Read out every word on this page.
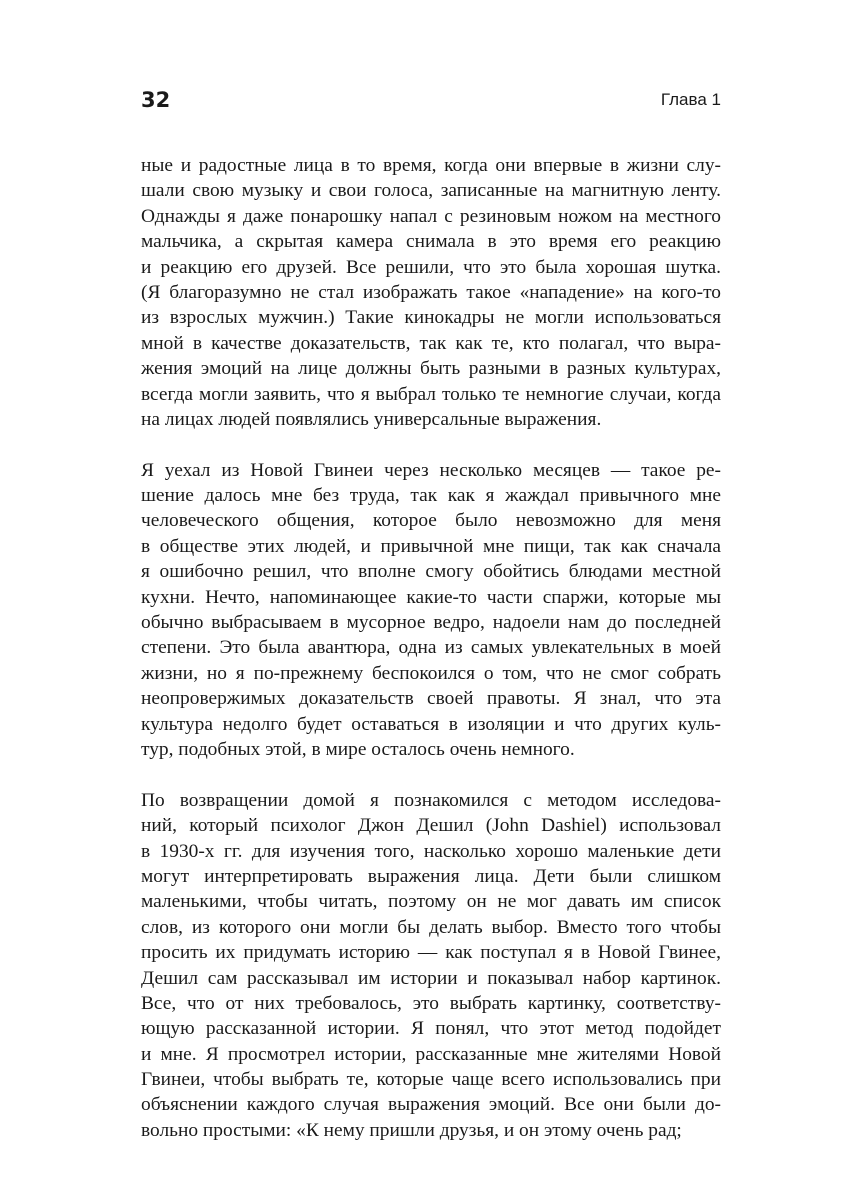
32	Глава 1
ные и радостные лица в то время, когда они впервые в жизни слу-
шали свою музыку и свои голоса, записанные на магнитную ленту.
Однажды я даже понарошку напал с резиновым ножом на местного
мальчика, а скрытая камера снимала в это время его реакцию
и реакцию его друзей. Все решили, что это была хорошая шутка.
(Я благоразумно не стал изображать такое «нападение» на кого-то
из взрослых мужчин.) Такие кинокадры не могли использоваться
мной в качестве доказательств, так как те, кто полагал, что выра-
жения эмоций на лице должны быть разными в разных культурах,
всегда могли заявить, что я выбрал только те немногие случаи, когда
на лицах людей появлялись универсальные выражения.
Я уехал из Новой Гвинеи через несколько месяцев — такое ре-
шение далось мне без труда, так как я жаждал привычного мне
человеческого общения, которое было невозможно для меня
в обществе этих людей, и привычной мне пищи, так как сначала
я ошибочно решил, что вполне смогу обойтись блюдами местной
кухни. Нечто, напоминающее какие-то части спаржи, которые мы
обычно выбрасываем в мусорное ведро, надоели нам до последней
степени. Это была авантюра, одна из самых увлекательных в моей
жизни, но я по-прежнему беспокоился о том, что не смог собрать
неопровержимых доказательств своей правоты. Я знал, что эта
культура недолго будет оставаться в изоляции и что других куль-
тур, подобных этой, в мире осталось очень немного.
По возвращении домой я познакомился с методом исследова-
ний, который психолог Джон Дешил (John Dashiel) использовал
в 1930-х гг. для изучения того, насколько хорошо маленькие дети
могут интерпретировать выражения лица. Дети были слишком
маленькими, чтобы читать, поэтому он не мог давать им список
слов, из которого они могли бы делать выбор. Вместо того чтобы
просить их придумать историю — как поступал я в Новой Гвинее,
Дешил сам рассказывал им истории и показывал набор картинок.
Все, что от них требовалось, это выбрать картинку, соответству-
ющую рассказанной истории. Я понял, что этот метод подойдет
и мне. Я просмотрел истории, рассказанные мне жителями Новой
Гвинеи, чтобы выбрать те, которые чаще всего использовались при
объяснении каждого случая выражения эмоций. Все они были до-
вольно простыми: «К нему пришли друзья, и он этому очень рад;
